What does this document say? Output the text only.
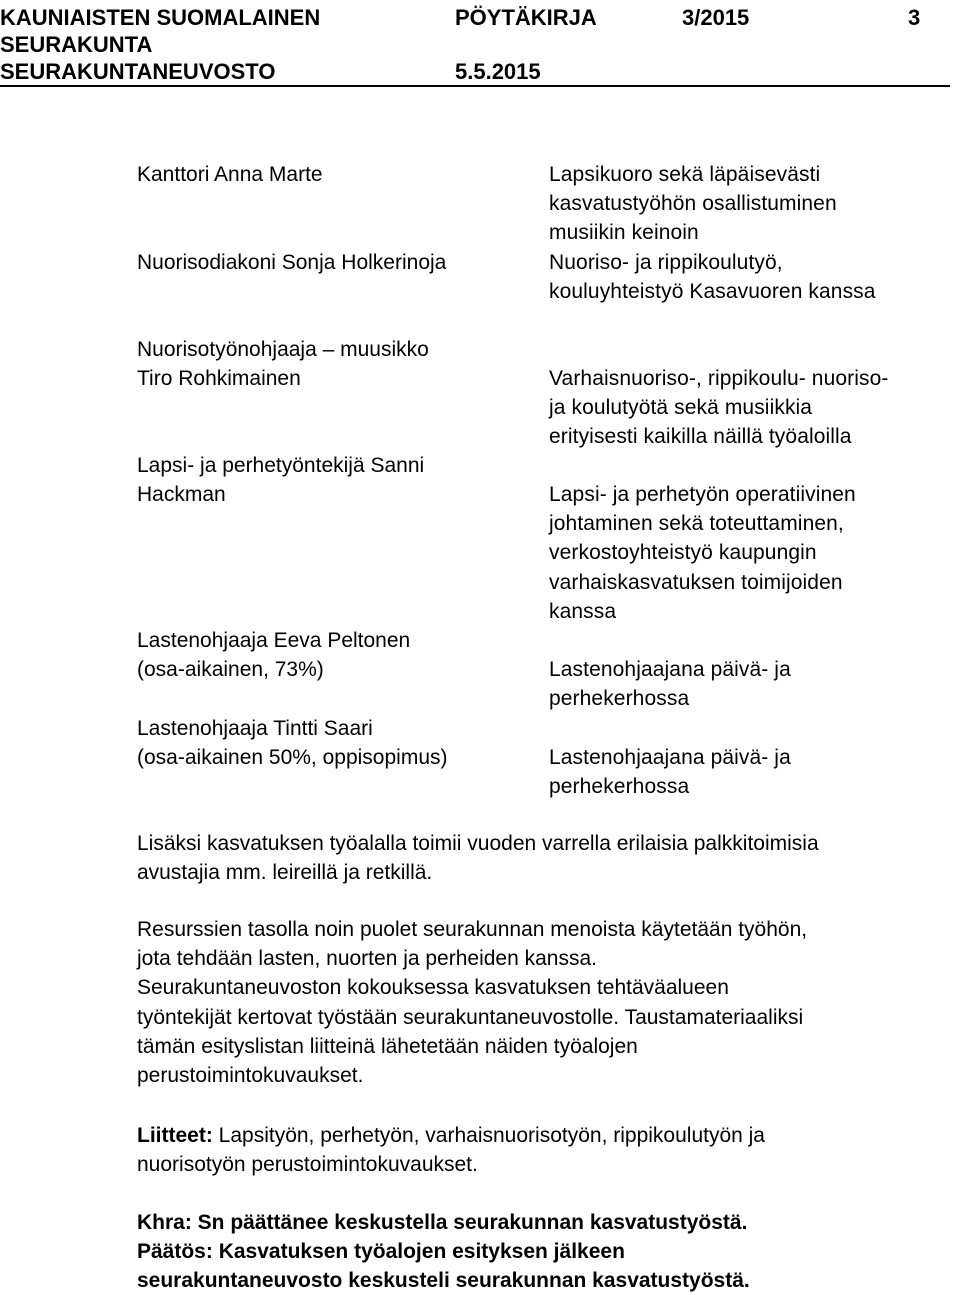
KAUNIAISTEN SUOMALAINEN	PÖYTÄKIRJA	3/2015	3
SEURAKUNTA
SEURAKUNTANEUVOSTO	5.5.2015
Kanttori Anna Marte	Lapsikuoro sekä läpäisevästi
kasvatustyöhön osallistuminen
musiikin keinoin
Nuorisodiakoni Sonja Holkerinoja	Nuoriso- ja rippikoulutyö,
kouluyhteistyö Kasavuoren kanssa
Nuorisotyönohjaaja – muusikko
Tiro Rohkimainen	Varhaisnuoriso-, rippikoulu- nuoriso-
ja koulutyötä sekä musiikkia
erityisesti kaikilla näillä työaloilla
Lapsi- ja perhetyöntekijä Sanni
Hackman	Lapsi- ja perhetyön operatiivinen
johtaminen sekä toteuttaminen,
verkostoyhteistyö kaupungin
varhaiskasvatuksen toimijoiden
kanssa
Lastenohjaaja Eeva Peltonen
(osa-aikainen, 73%)	Lastenohjaajana päivä- ja
perhekerhossa
Lastenohjaaja Tintti Saari
(osa-aikainen 50%, oppisopimus)	Lastenohjaajana päivä- ja
perhekerhossa
Lisäksi kasvatuksen työalalla toimii vuoden varrella erilaisia palkkitoimisia
avustajia mm. leireillä ja retkillä.
Resurssien tasolla noin puolet seurakunnan menoista käytetään työhön,
jota tehdään lasten, nuorten ja perheiden kanssa.
Seurakuntaneuvoston kokouksessa kasvatuksen tehtäväalueen
työntekijät kertovat työstään seurakuntaneuvostolle. Taustamateriaaliksi
tämän esityslistan liitteinä lähetetään näiden työalojen
perustoimintokuvaukset.
Liitteet: Lapsityön, perhetyön, varhaisnuorisotyön, rippikoulutyön ja
nuorisotyön perustoimintokuvaukset.
Khra: Sn päättänee keskustella seurakunnan kasvatustyöstä.
Päätös: Kasvatuksen työalojen esityksen jälkeen
seurakuntaneuvosto keskusteli seurakunnan kasvatustyöstä.
